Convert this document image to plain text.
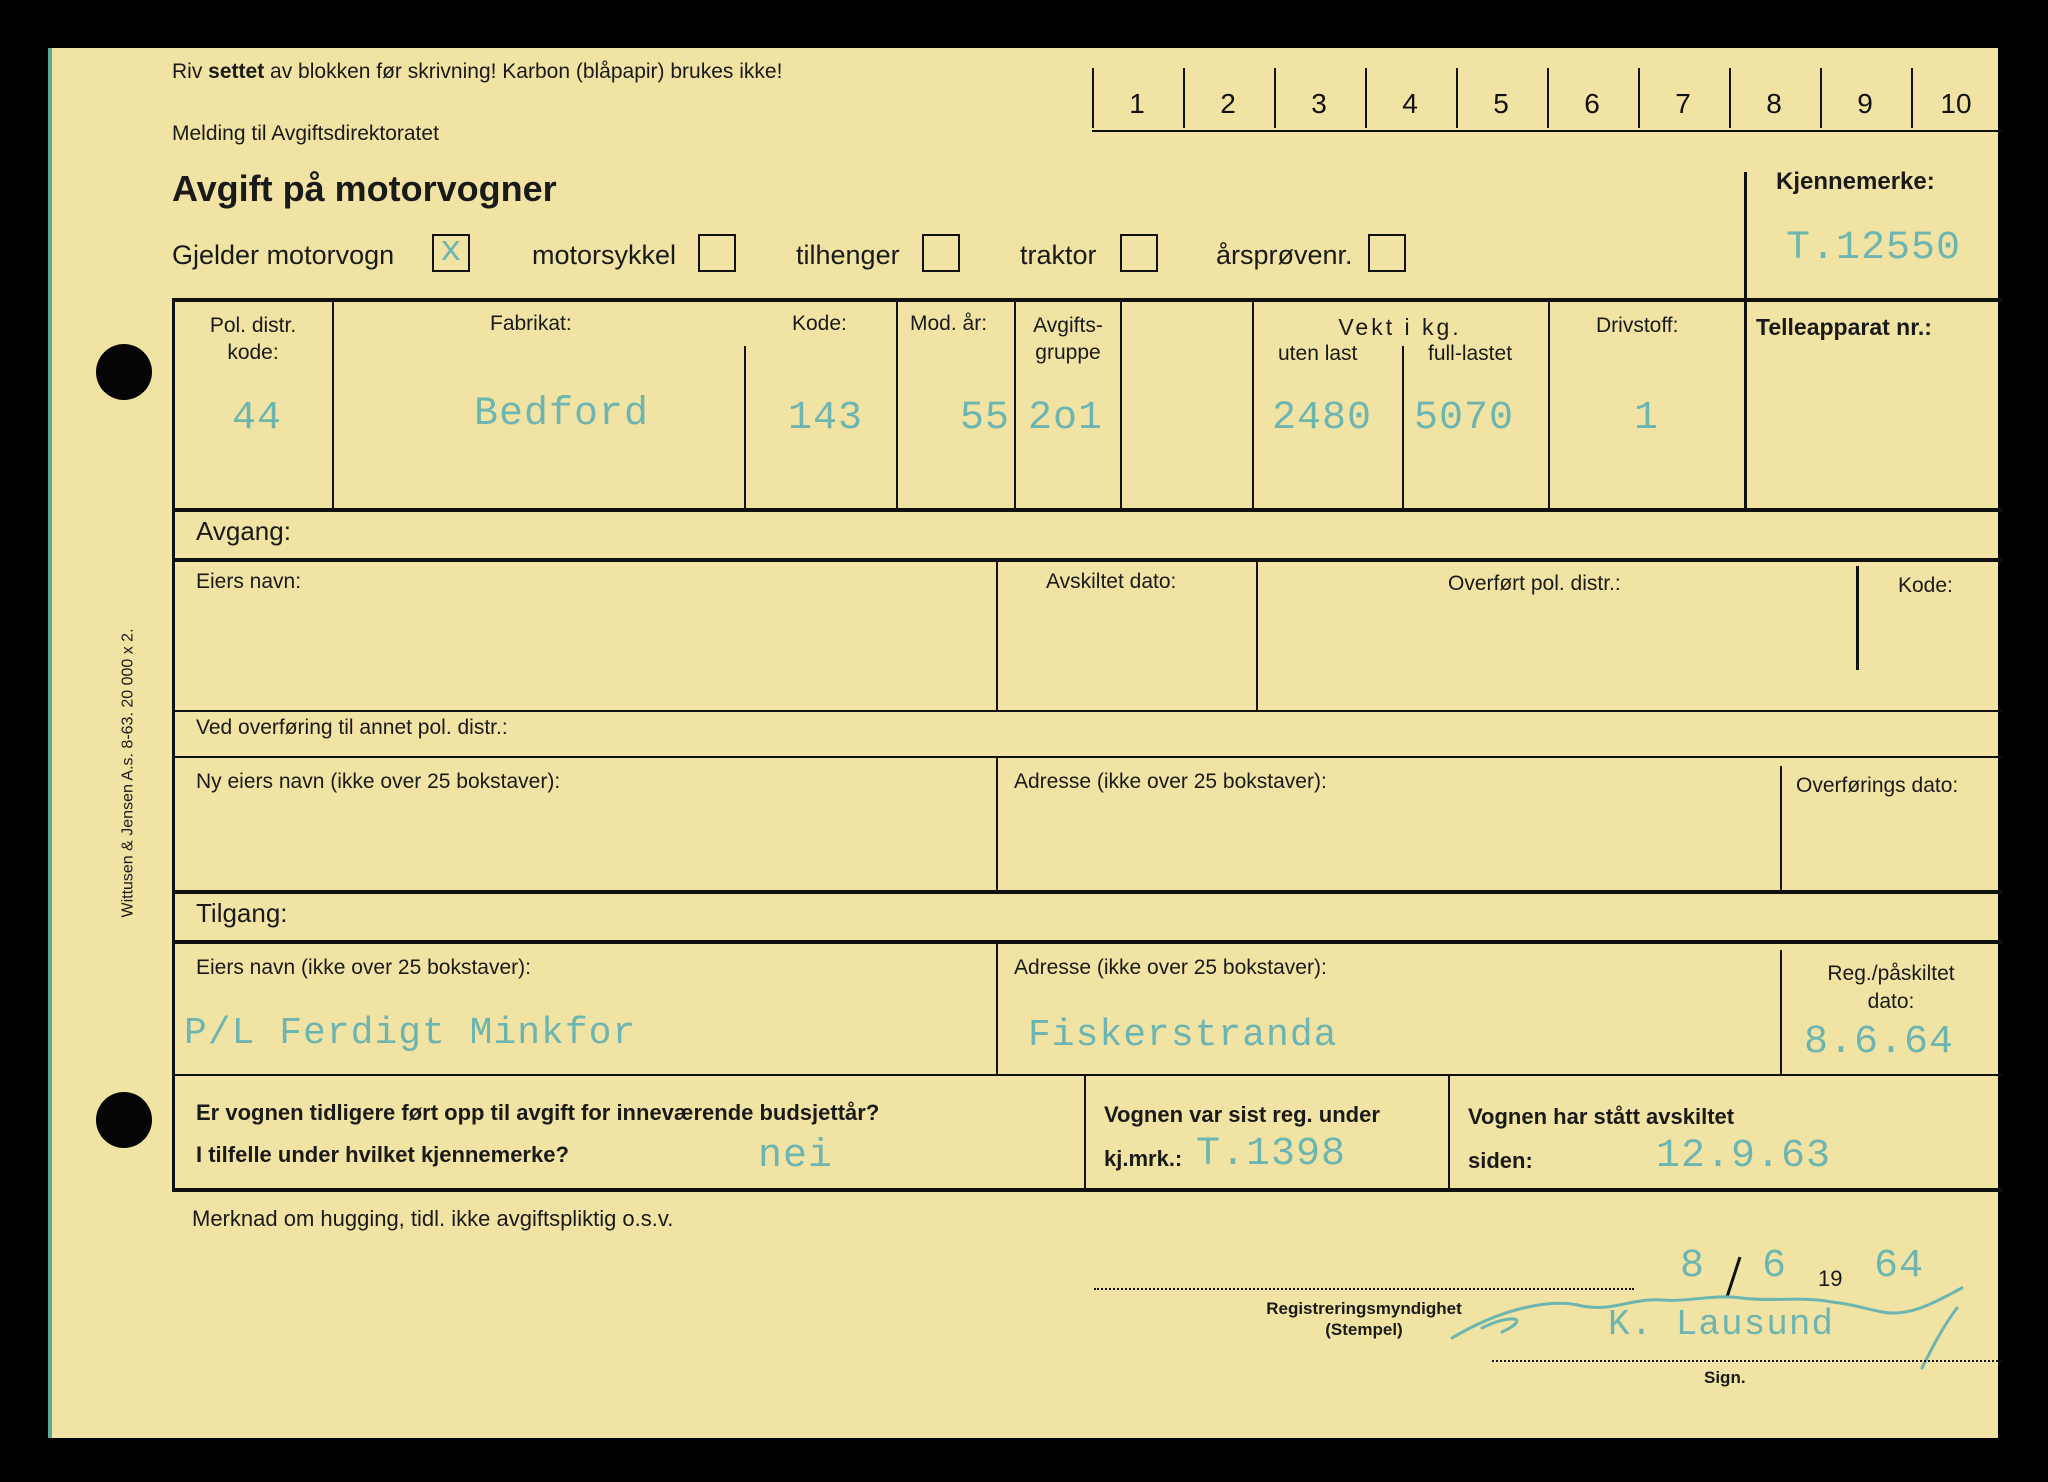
Wittusen & Jensen A.s. 8-63. 20 000 x 2.
Riv settet av blokken før skrivning! Karbon (blåpapir) brukes ikke!
Melding til Avgiftsdirektoratet
Avgift på motorvogner
1	2	3	4	5	6	7	8	9	10
Kjennemerke:
T.12550
Gjelder motorvogn x	motorsykkel	tilhenger	traktor	årsprøvenr.
Pol. distr.
kode:
44
Fabrikat:
Bedford
Kode:
143
Mod. år:
55
Avgifts-
gruppe
2o1
Vekt i kg.
uten last	full-lastet
2480 5070
Drivstoff:
1
Telleapparat nr.:
Avgang:
Eiers navn:	Avskiltet dato:	Overført pol. distr.:	Kode:
Ved overføring til annet pol. distr.:
Ny eiers navn (ikke over 25 bokstaver):	Adresse (ikke over 25 bokstaver):	Overførings dato:
Tilgang:
Eiers navn (ikke over 25 bokstaver):
P/L Ferdigt Minkfor
Adresse (ikke over 25 bokstaver):
Fiskerstranda
Reg./påskiltet
dato:
8.6.64
Er vognen tidligere ført opp til avgift for inneværende budsjettår?
I tilfelle under hvilket kjennemerke?	nei
Vognen var sist reg. under
kj.mrk.: T.1398
Vognen har stått avskiltet
siden:	12.9.63
Merknad om hugging, tidl. ikke avgiftspliktig o.s.v.
8 6 19 64
Registreringsmyndighet
(Stempel)	K. Lausund
Sign.
